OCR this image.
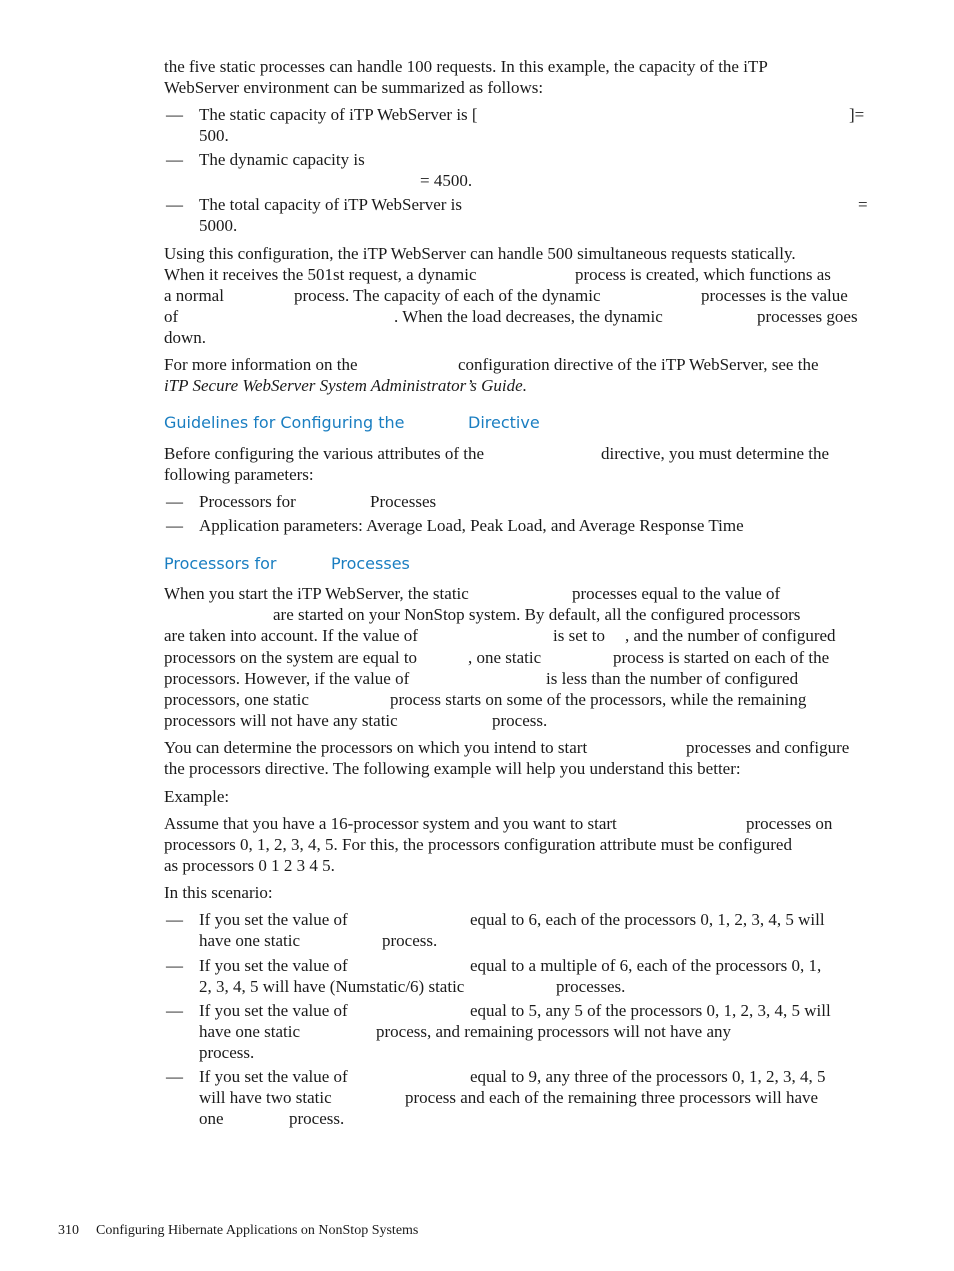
the five static processes can handle 100 requests. In this example, the capacity of the iTP
WebServer environment can be summarized as follows:
— The static capacity of iTP WebServer is [	]=
500.
— The dynamic capacity is
= 4500.
— The total capacity of iTP WebServer is	=
5000.
Using this configuration, the iTP WebServer can handle 500 simultaneous requests statically.
When it receives the 501st request, a dynamic	process is created, which functions as
a normal	process. The capacity of each of the dynamic	processes is the value
of	. When the load decreases, the dynamic	processes goes
down.
For more information on the	configuration directive of the iTP WebServer, see the
iTP Secure WebServer System Administrator’s Guide.
Guidelines for Configuring the	Directive
Before configuring the various attributes of the	directive, you must determine the
following parameters:
— Processors for	Processes
— Application parameters: Average Load, Peak Load, and Average Response Time
Processors for	Processes
When you start the iTP WebServer, the static	processes equal to the value of
are started on your NonStop system. By default, all the configured processors
are taken into account. If the value of	is set to , and the number of configured
processors on the system are equal to	, one static	process is started on each of the
processors. However, if the value of	is less than the number of configured
processors, one static	process starts on some of the processors, while the remaining
processors will not have any static	process.
You can determine the processors on which you intend to start	processes and configure
the processors directive. The following example will help you understand this better:
Example:
Assume that you have a 16-processor system and you want to start	processes on
processors 0, 1, 2, 3, 4, 5. For this, the processors configuration attribute must be configured
as processors 0 1 2 3 4 5.
In this scenario:
— If you set the value of	equal to 6, each of the processors 0, 1, 2, 3, 4, 5 will
have one static	process.
— If you set the value of	equal to a multiple of 6, each of the processors 0, 1,
2, 3, 4, 5 will have (Numstatic/6) static	processes.
— If you set the value of	equal to 5, any 5 of the processors 0, 1, 2, 3, 4, 5 will
have one static	process, and remaining processors will not have any
process.
— If you set the value of	equal to 9, any three of the processors 0, 1, 2, 3, 4, 5
will have two static	process and each of the remaining three processors will have
one	process.
310 Configuring Hibernate Applications on NonStop Systems
